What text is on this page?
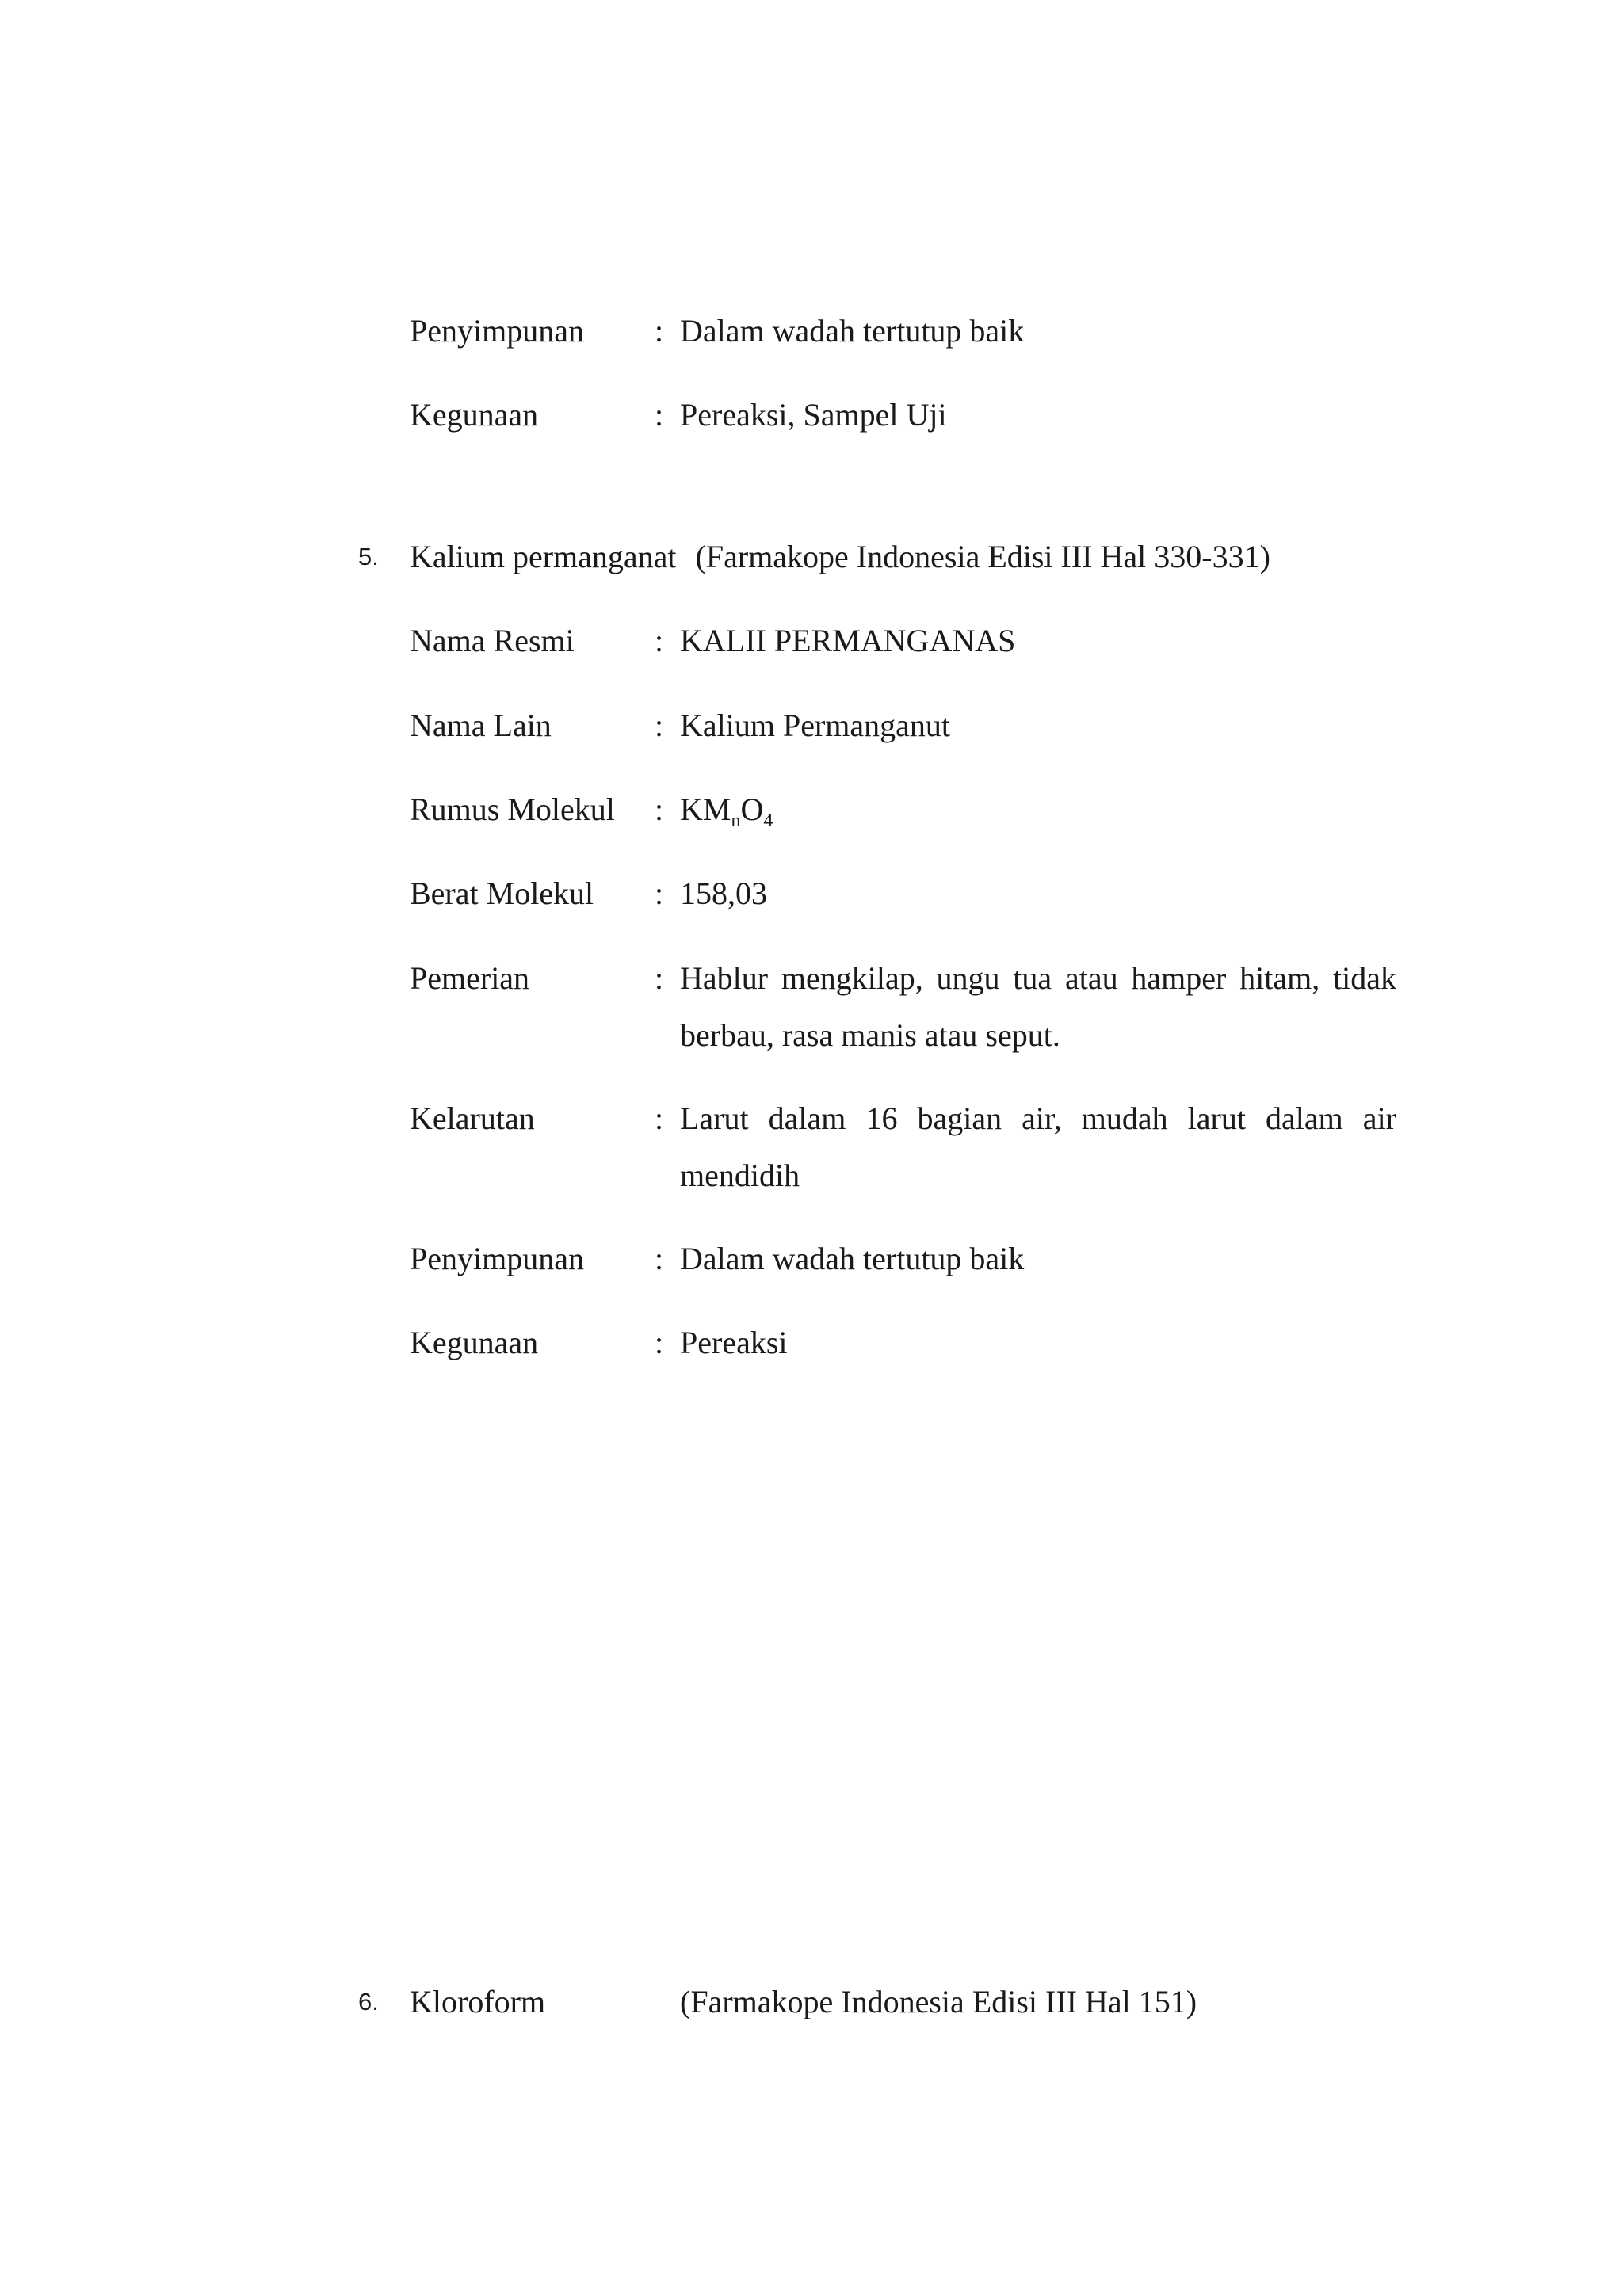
Penyimpunan : Dalam wadah tertutup baik
Kegunaan	: Pereaksi, Sampel Uji
5. Kalium permanganat (Farmakope Indonesia Edisi III Hal 330-331)
Nama Resmi	: KALII PERMANGANAS
Nama Lain	: Kalium Permanganut
Rumus Molekul : $KM_nO_4$
Berat Molekul : 158,03
Pemerian	: Hablur mengkilap, ungu tua atau hamper hitam, tidak berbau, rasa manis atau seput.
Kelarutan	: Larut dalam 16 bagian air, mudah larut dalam air mendidih
Penyimpunan : Dalam wadah tertutup baik
Kegunaan	: Pereaksi
6. Kloroform	(Farmakope Indonesia Edisi III Hal 151)
